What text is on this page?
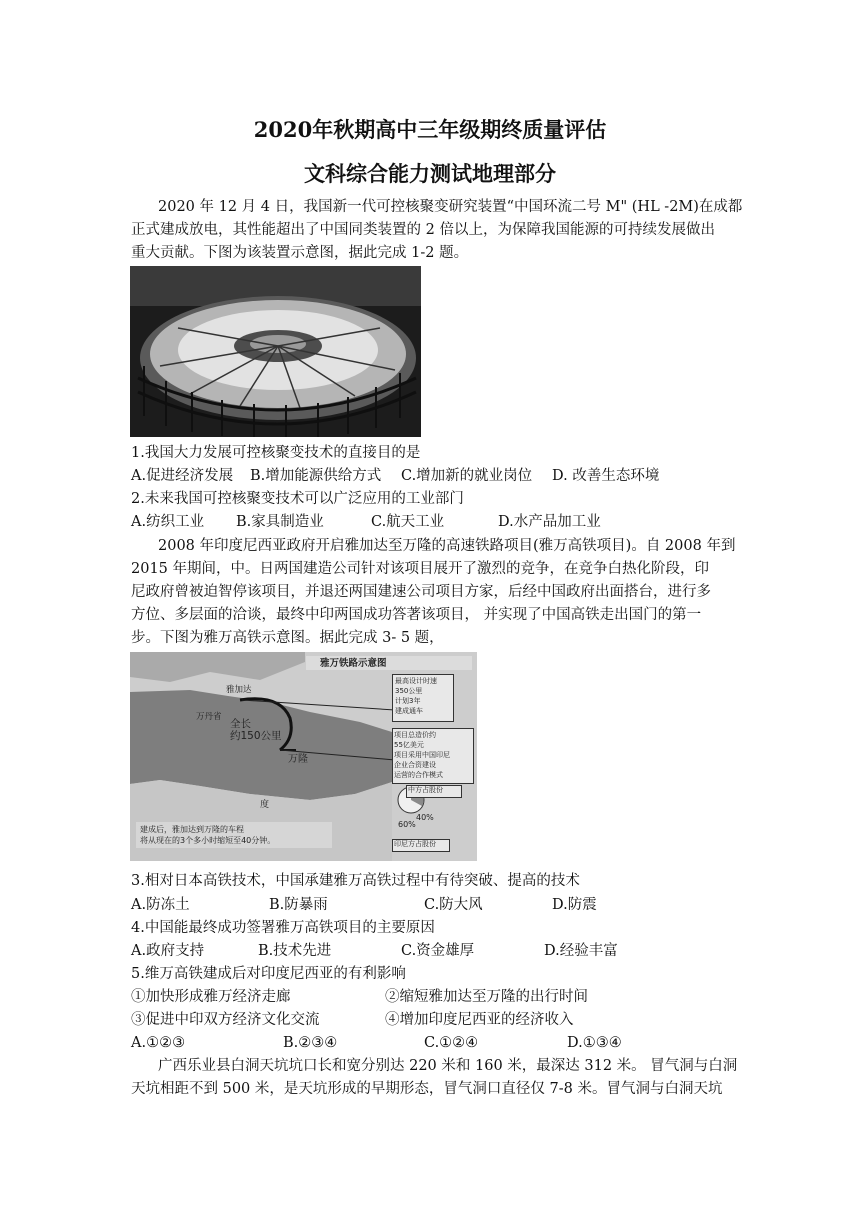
2020年秋期高中三年级期终质量评估
文科综合能力测试地理部分
2020 年 12 月 4 日，我国新一代可控核聚变研究装置“中国环流二号 M" (HL -2M)在成都
正式建成放电，其性能超出了中国同类装置的 2 倍以上，为保障我国能源的可持续发展做出
重大贡献。下图为该装置示意图，据此完成 1-2 题。
1.我国大力发展可控核聚变技术的直接目的是
A.促进经济发展 B.增加能源供给方式 C.增加新的就业岗位 D. 改善生态环境
2.未来我国可控核聚变技术可以广泛应用的工业部门
A.纺织工业 B.家具制造业	C.航天工业	D.水产品加工业
2008 年印度尼西亚政府开启雅加达至万隆的高速铁路项目(雅万高铁项目)。自 2008 年到
2015 年期间，中。日两国建造公司针对该项目展开了激烈的竞争，在竞争白热化阶段，印
尼政府曾被迫智停该项目，并退还两国建速公司项目方家，后经中国政府出面搭台，进行多
方位、多层面的洽谈，最终中印两国成功答著该项目， 并实现了中国高铁走出国门的第一
步。下图为雅万高铁示意图。据此完成 3- 5 题，
雅万铁路示意图
雅加达
全长
约150公里
万隆
万丹省
度
最高设计时速
350公里
计划3年
建成通车
项目总造价约
55亿美元
项目采用中国印尼
企业合资建设
运营的合作模式
中方占股份
40%
60%
印尼方占股份
建成后，雅加达到万隆的车程
将从现在的3个多小时缩短至40分钟。
3.相对日本高铁技术，中国承建雅万高铁过程中有待突破、提高的技术
A.防冻土	B.防暴雨	C.防大风	D.防震
4.中国能最终成功签署雅万高铁项目的主要原因
A.政府支持	B.技术先进	C.资金雄厚	D.经验丰富
5.维万高铁建成后对印度尼西亚的有利影响
①加快形成雅万经济走廊	②缩短雅加达至万隆的出行时间
③促进中印双方经济文化交流	④增加印度尼西亚的经济收入
A.①②③	B.②③④	C.①②④	D.①③④
广西乐业县白洞天坑坑口长和宽分别达 220 米和 160 米，最深达 312 米。 冒气洞与白洞
天坑相距不到 500 米，是天坑形成的早期形态，冒气洞口直径仅 7-8 米。冒气洞与白洞天坑
